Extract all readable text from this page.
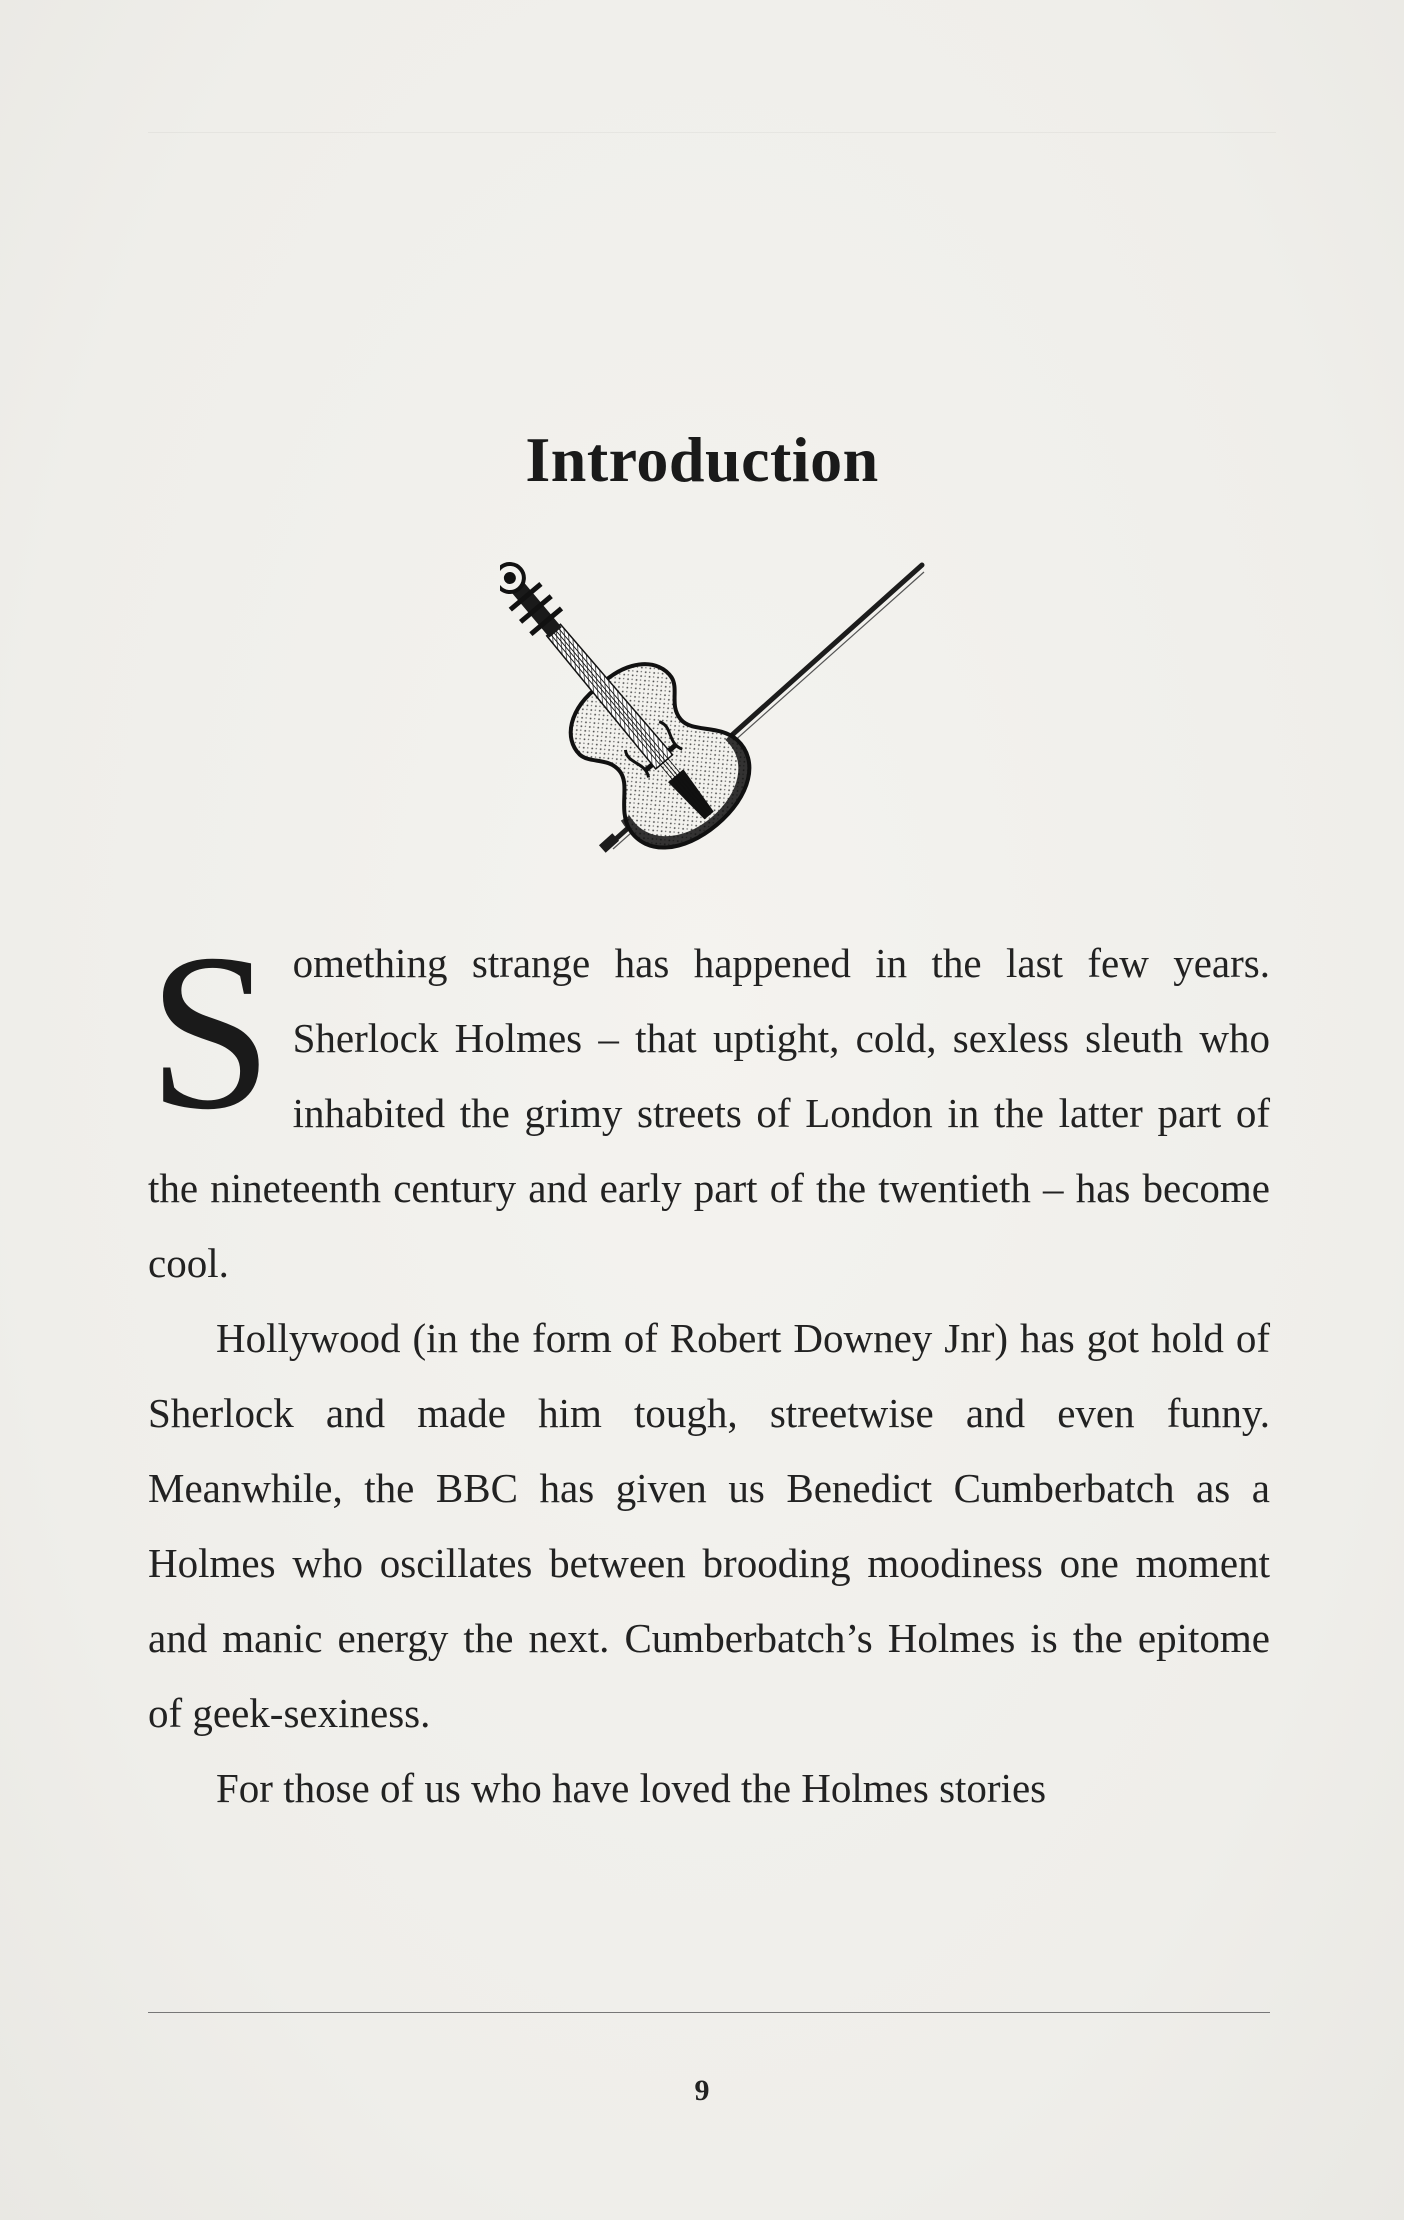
Introduction

Something strange has happened in the last few years. Sherlock Holmes – that uptight, cold, sexless sleuth who inhabited the grimy streets of London in the latter part of the nineteenth century and early part of the twentieth – has become cool.

Hollywood (in the form of Robert Downey Jnr) has got hold of Sherlock and made him tough, streetwise and even funny. Meanwhile, the BBC has given us Benedict Cumberbatch as a Holmes who oscillates between brooding moodiness one moment and manic energy the next. Cumberbatch’s Holmes is the epitome of geek-sexiness.

For those of us who have loved the Holmes stories

9
